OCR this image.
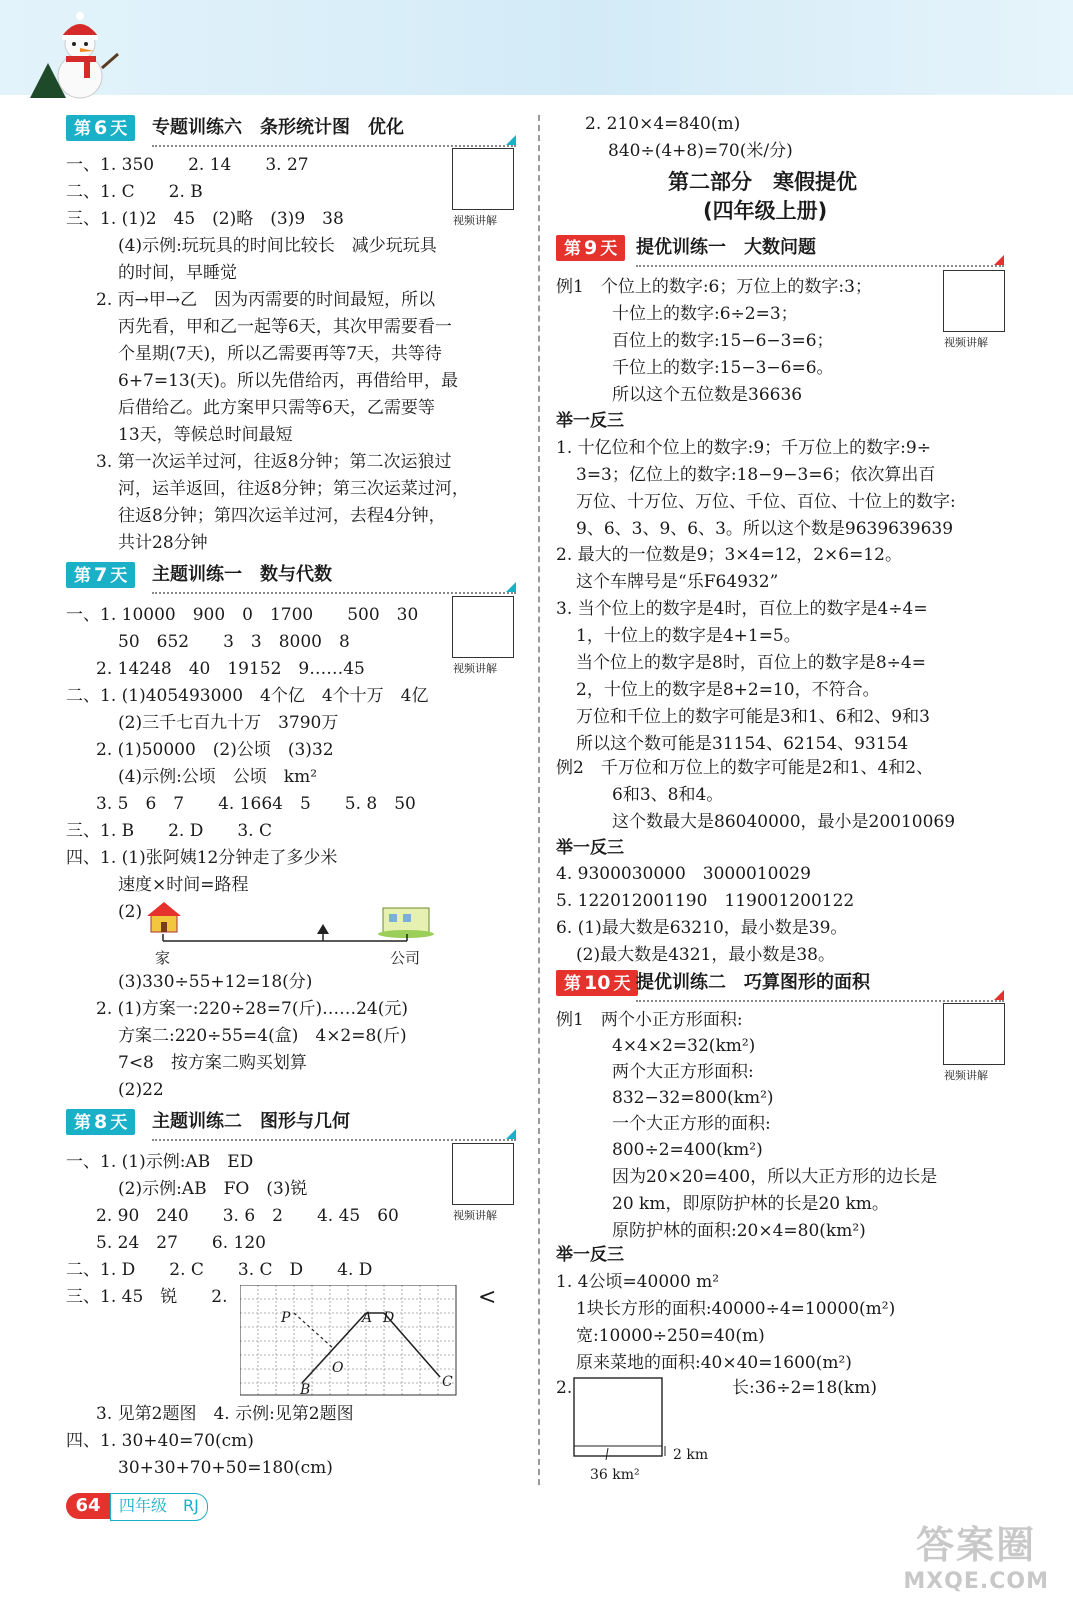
第 6 天	专题训练六　条形统计图　优化
视频讲解
一、1. 350　　2. 14　　3. 27
二、1. C　　2. B
三、1. (1)2　45　(2)略　(3)9　38
(4)示例:玩玩具的时间比较长　减少玩玩具
的时间，早睡觉
2. 丙→甲→乙　因为丙需要的时间最短，所以
丙先看，甲和乙一起等6天，其次甲需要看一
个星期(7天)，所以乙需要再等7天，共等待
6+7=13(天)。所以先借给丙，再借给甲，最
后借给乙。此方案甲只需等6天，乙需要等
13天，等候总时间最短
3. 第一次运羊过河，往返8分钟；第二次运狼过
河，运羊返回，往返8分钟；第三次运菜过河，
往返8分钟；第四次运羊过河，去程4分钟，
共计28分钟
第 7 天	主题训练一　数与代数
视频讲解
一、1. 10000　900　0　1700　　500　30
50　652　　3　3　8000　8
2. 14248　40　19152　9……45
二、1. (1)405493000　4个亿　4个十万　4亿
(2)三千七百九十万　3790万
2. (1)50000　(2)公顷　(3)32
(4)示例:公顷　公顷　km²
3. 5　6　7　　4. 1664　5　　5. 8　50
三、1. B　　2. D　　3. C
四、1. (1)张阿姨12分钟走了多少米
速度×时间=路程
(2)
家	公司
(3)330÷55+12=18(分)
2. (1)方案一:220÷28=7(斤)……24(元)
方案二:220÷55=4(盒)　4×2=8(斤)
7<8　按方案二购买划算
(2)22
第 8 天	主题训练二　图形与几何
视频讲解
一、1. (1)示例:AB　ED
(2)示例:AB　FO　(3)锐
2. 90　240　　3. 6　2　　4. 45　60
5. 24　27　　6. 120
二、1. D　　2. C　　3. C　D　　4. D
三、1. 45　锐　　2.
P	A D
O
B	C
<
3. 见第2题图　4. 示例:见第2题图
四、1. 30+40=70(cm)
30+30+70+50=180(cm)
2. 210×4=840(m)
840÷(4+8)=70(米/分)
第二部分　寒假提优
(四年级上册)
第 9 天	提优训练一　大数问题
视频讲解
例1　个位上的数字:6；万位上的数字:3；
十位上的数字:6÷2=3；
百位上的数字:15−6−3=6；
千位上的数字:15−3−6=6。
所以这个五位数是36636
举一反三
1. 十亿位和个位上的数字:9；千万位上的数字:9÷
3=3；亿位上的数字:18−9−3=6；依次算出百
万位、十万位、万位、千位、百位、十位上的数字:
9、6、3、9、6、3。所以这个数是9639639639
2. 最大的一位数是9；3×4=12，2×6=12。
这个车牌号是“乐F64932”
3. 当个位上的数字是4时，百位上的数字是4÷4=
1，十位上的数字是4+1=5。
当个位上的数字是8时，百位上的数字是8÷4=
2，十位上的数字是8+2=10，不符合。
万位和千位上的数字可能是3和1、6和2、9和3
所以这个数可能是31154、62154、93154
例2　千万位和万位上的数字可能是2和1、4和2、
6和3、8和4。
这个数最大是86040000，最小是20010069
举一反三
4. 9300030000　3000010029
5. 122012001190　119001200122
6. (1)最大数是63210，最小数是39。
(2)最大数是4321，最小数是38。
第 10 天 提优训练二　巧算图形的面积
视频讲解
例1　两个小正方形面积:
4×4×2=32(km²)
两个大正方形面积:
832−32=800(km²)
一个大正方形的面积:
800÷2=400(km²)
因为20×20=400，所以大正方形的边长是
20 km，即原防护林的长是20 km。
原防护林的面积:20×4=80(km²)
举一反三
1. 4公顷=40000 m²
1块长方形的面积:40000÷4=10000(m²)
宽:10000÷250=40(m)
原来菜地的面积:40×40=1600(m²)
2.	长:36÷2=18(km)
2 km
36 km²
64	四年级　RJ
答案圈
MXQE.COM
